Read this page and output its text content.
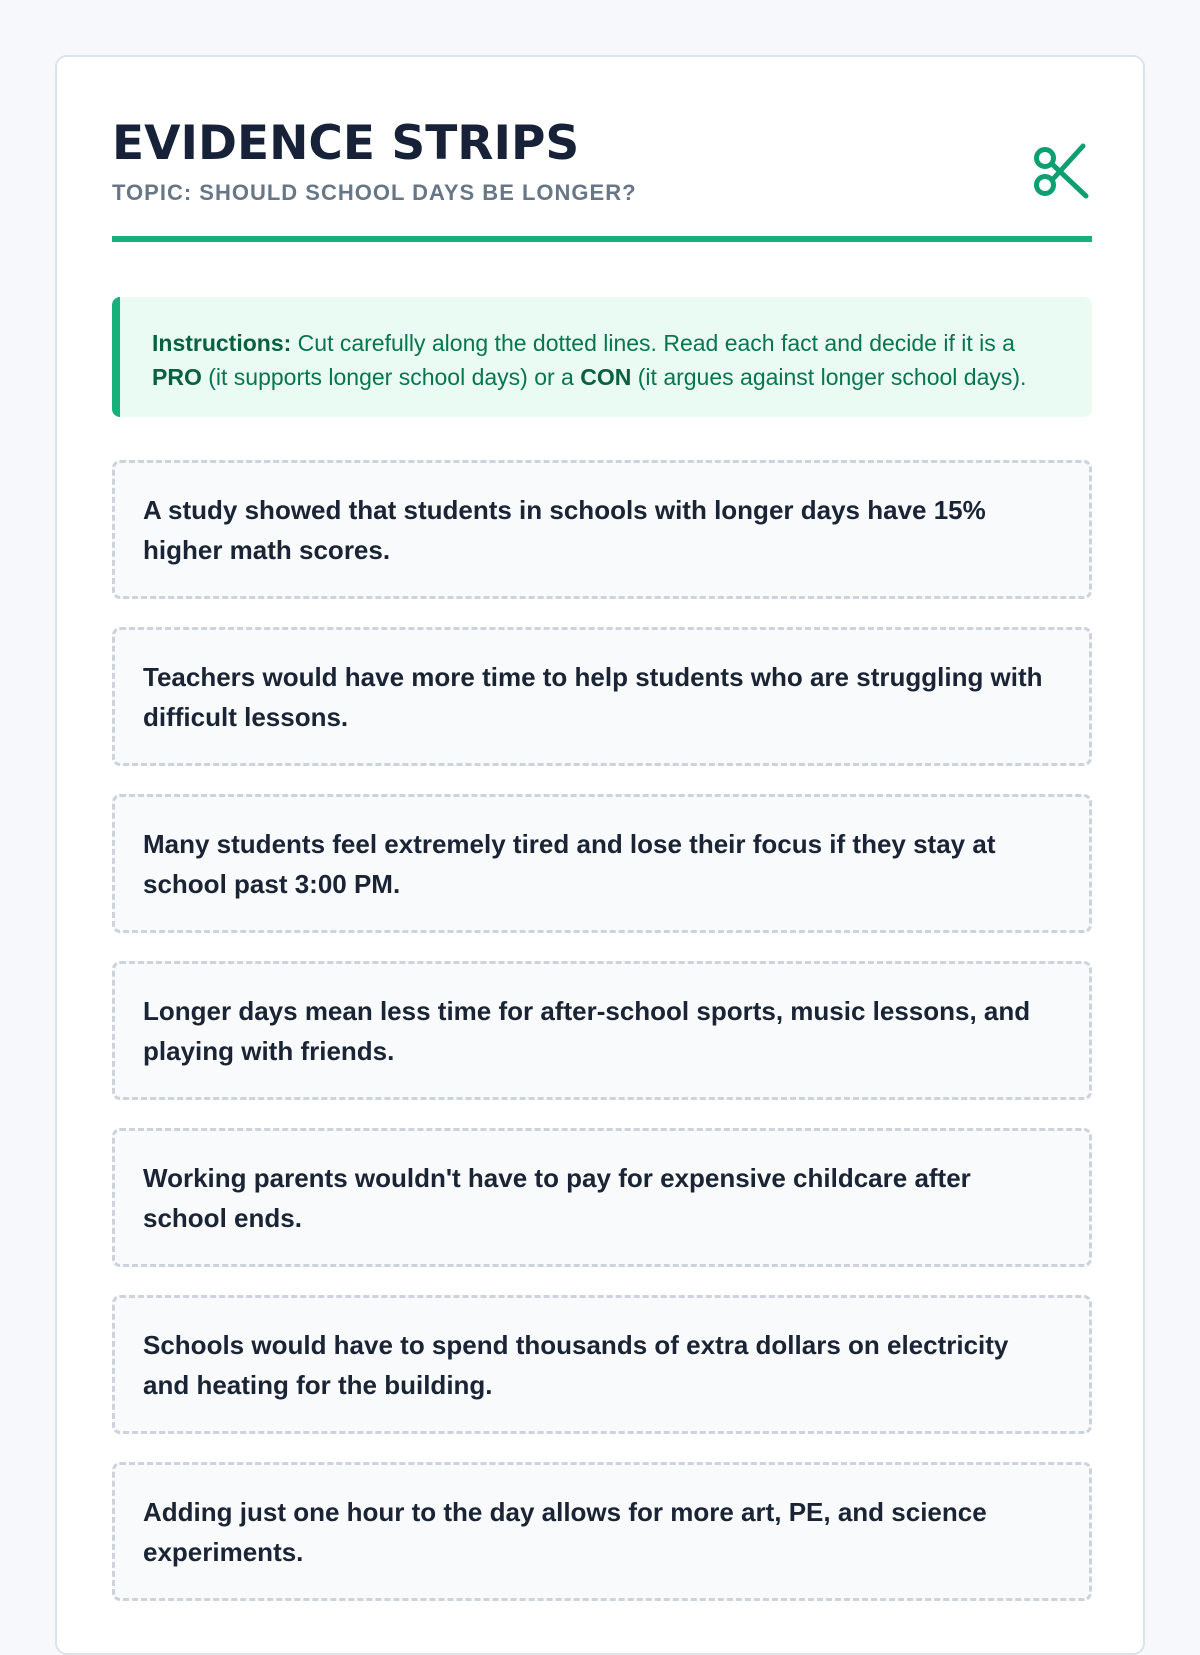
EVIDENCE STRIPS

TOPIC: SHOULD SCHOOL DAYS BE LONGER?

Instructions: Cut carefully along the dotted lines. Read each fact and decide if it is a PRO (it supports longer school days) or a CON (it argues against longer school days).
A study showed that students in schools with longer days have 15% higher math scores.
Teachers would have more time to help students who are struggling with difficult lessons.
Many students feel extremely tired and lose their focus if they stay at school past 3:00 PM.
Longer days mean less time for after-school sports, music lessons, and playing with friends.
Working parents wouldn't have to pay for expensive childcare after school ends.
Schools would have to spend thousands of extra dollars on electricity and heating for the building.
Adding just one hour to the day allows for more art, PE, and science experiments.
